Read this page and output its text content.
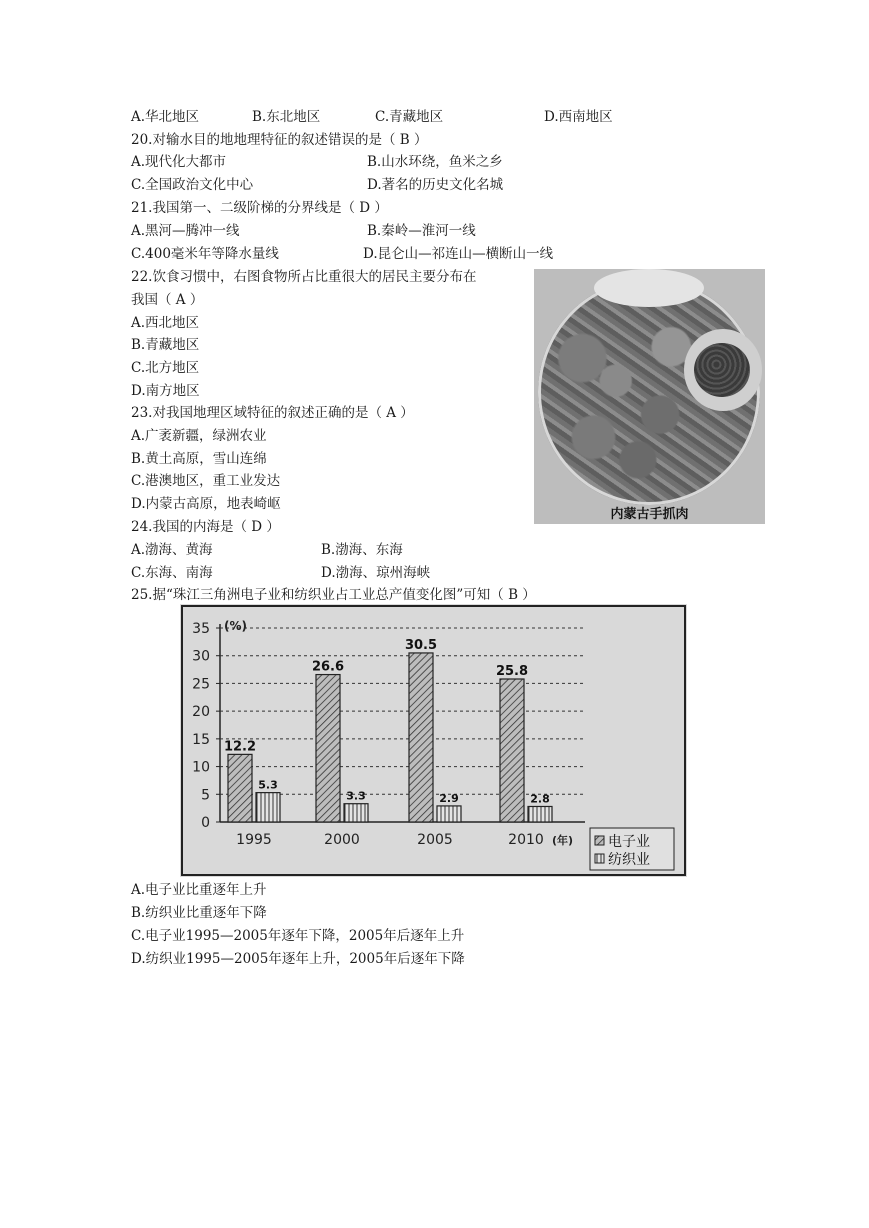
A.华北地区	B.东北地区	C.青藏地区	D.西南地区
20.对输水目的地地理特征的叙述错误的是（ B ）
A.现代化大都市	B.山水环绕，鱼米之乡
C.全国政治文化中心	D.著名的历史文化名城
21.我国第一、二级阶梯的分界线是（ D ）
A.黑河—腾冲一线	B.秦岭—淮河一线
C.400毫米年等降水量线	D.昆仑山—祁连山—横断山一线
22.饮食习惯中，右图食物所占比重很大的居民主要分布在
我国（ A ）
A.西北地区
B.青藏地区
C.北方地区
D.南方地区
23.对我国地理区域特征的叙述正确的是（ A ）
A.广袤新疆，绿洲农业
B.黄土高原，雪山连绵
C.港澳地区，重工业发达
D.内蒙古高原，地表崎岖
24.我国的内海是（ D ）
A.渤海、黄海	B.渤海、东海
C.东海、南海	D.渤海、琼州海峡
25.据“珠江三角洲电子业和纺织业占工业总产值变化图”可知（ B ）
A.电子业比重逐年上升
B.纺织业比重逐年下降
C.电子业1995—2005年逐年下降，2005年后逐年上升
D.纺织业1995—2005年逐年上升，2005年后逐年下降
内蒙古手抓肉
0
5
10
15
20
25
30
35 (%)
12.2
5.3
1995
26.6
3.3
2000
30.5
2.9
2005
25.8
2.8
2010 (年) 电子业
纺织业
